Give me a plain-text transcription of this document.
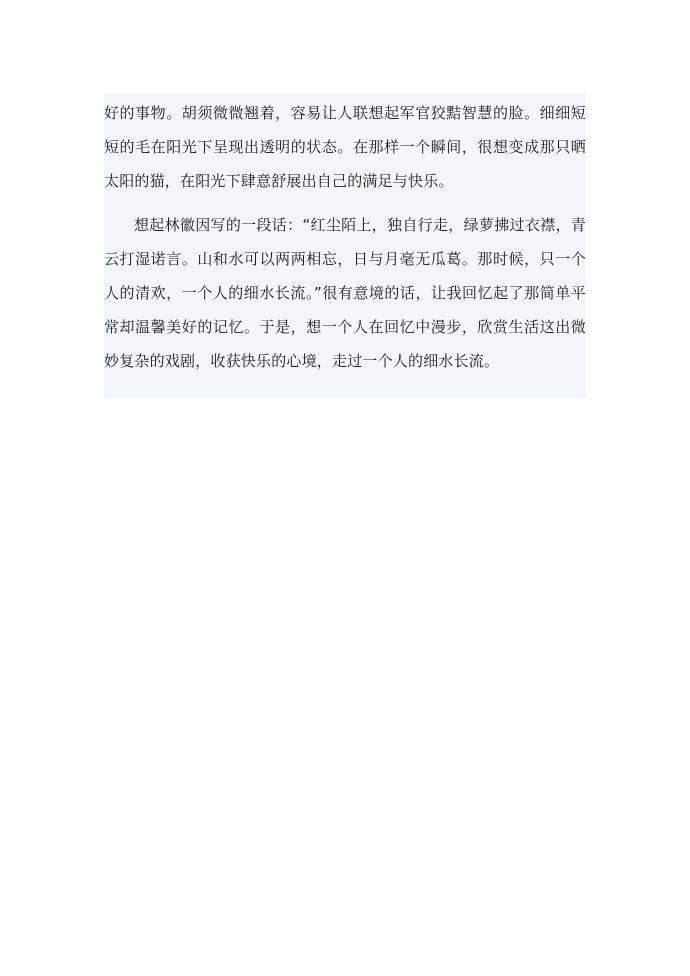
好的事物。胡须微微翘着，容易让人联想起军官狡黠智慧的脸。细细短短的毛在阳光下呈现出透明的状态。在那样一个瞬间，很想变成那只晒太阳的猫，在阳光下肆意舒展出自己的满足与快乐。

想起林徽因写的一段话：“红尘陌上，独自行走，绿萝拂过衣襟，青云打湿诺言。山和水可以两两相忘，日与月毫无瓜葛。那时候，只一个人的清欢，一个人的细水长流。”很有意境的话，让我回忆起了那简单平常却温馨美好的记忆。于是，想一个人在回忆中漫步，欣赏生活这出微妙复杂的戏剧，收获快乐的心境，走过一个人的细水长流。
